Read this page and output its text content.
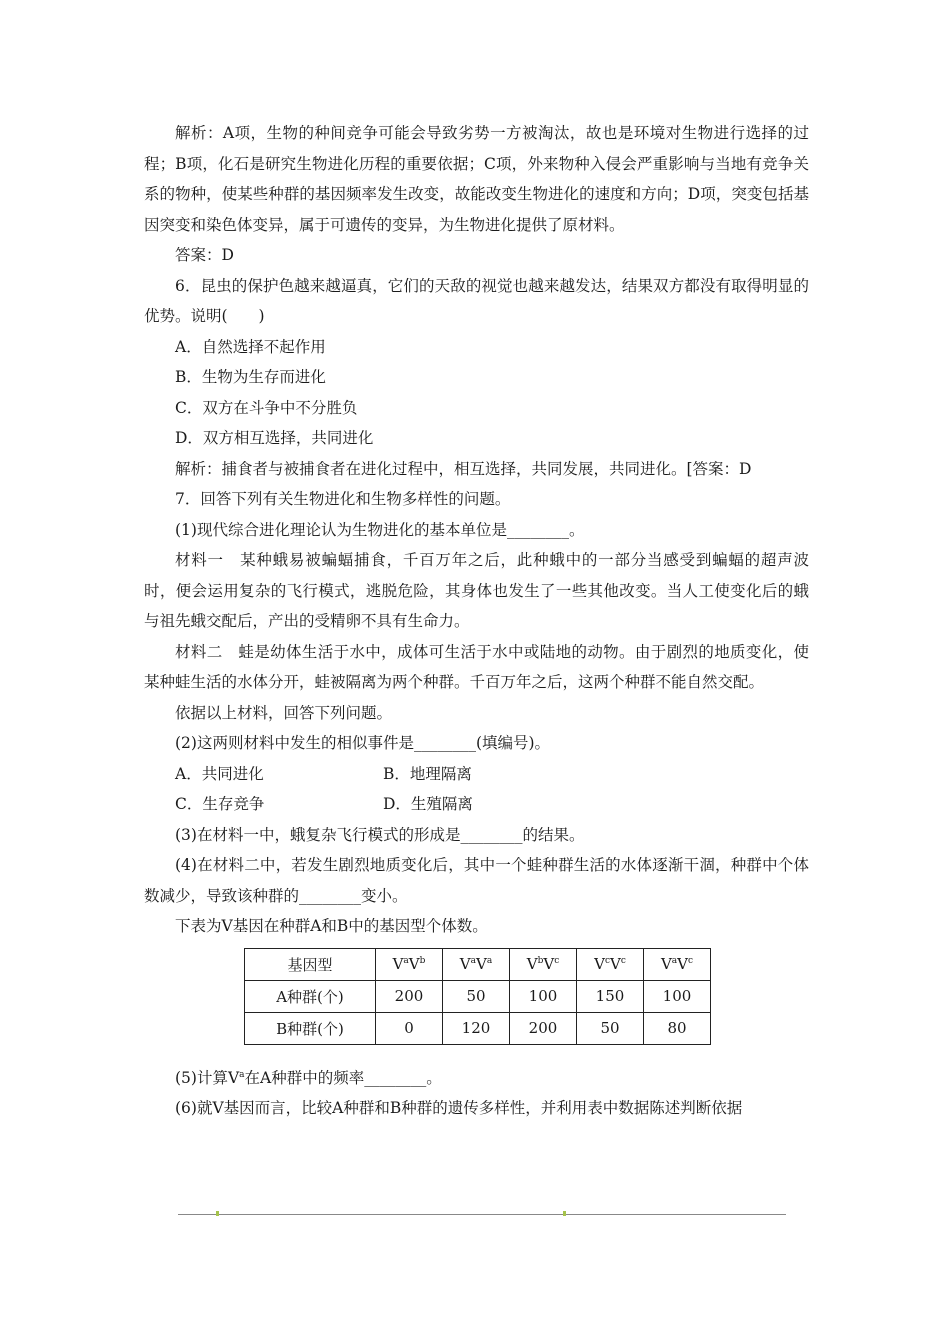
解析：A项，生物的种间竞争可能会导致劣势一方被淘汰，故也是环境对生物进行选择的过程；B项，化石是研究生物进化历程的重要依据；C项，外来物种入侵会严重影响与当地有竞争关系的物种，使某些种群的基因频率发生改变，故能改变生物进化的速度和方向；D项，突变包括基因突变和染色体变异，属于可遗传的变异，为生物进化提供了原材料。

答案：D

6．昆虫的保护色越来越逼真，它们的天敌的视觉也越来越发达，结果双方都没有取得明显的优势。说明(　　)

A．自然选择不起作用

B．生物为生存而进化

C．双方在斗争中不分胜负

D．双方相互选择，共同进化

解析：捕食者与被捕食者在进化过程中，相互选择，共同发展，共同进化。[答案：D

7．回答下列有关生物进化和生物多样性的问题。

(1)现代综合进化理论认为生物进化的基本单位是________。

材料一　某种蛾易被蝙蝠捕食，千百万年之后，此种蛾中的一部分当感受到蝙蝠的超声波时，便会运用复杂的飞行模式，逃脱危险，其身体也发生了一些其他改变。当人工使变化后的蛾与祖先蛾交配后，产出的受精卵不具有生命力。

材料二　蛙是幼体生活于水中，成体可生活于水中或陆地的动物。由于剧烈的地质变化，使某种蛙生活的水体分开，蛙被隔离为两个种群。千百万年之后，这两个种群不能自然交配。

依据以上材料，回答下列问题。

(2)这两则材料中发生的相似事件是________(填编号)。

A．共同进化	B．地理隔离

C．生存竞争	D．生殖隔离

(3)在材料一中，蛾复杂飞行模式的形成是________的结果。

(4)在材料二中，若发生剧烈地质变化后，其中一个蛙种群生活的水体逐渐干涸，种群中个体数减少，导致该种群的________变小。

下表为V基因在种群A和B中的基因型个体数。

基因型	$V^aV^b$	$V^aV^a$	$V^bV^c$	$V^cV^c$	$V^aV^c$
A种群(个)	200	50	100	150	100
B种群(个)	0	120	200	50	80

(5)计算$V^a$在A种群中的频率________。

(6)就V基因而言，比较A种群和B种群的遗传多样性，并利用表中数据陈述判断依据
